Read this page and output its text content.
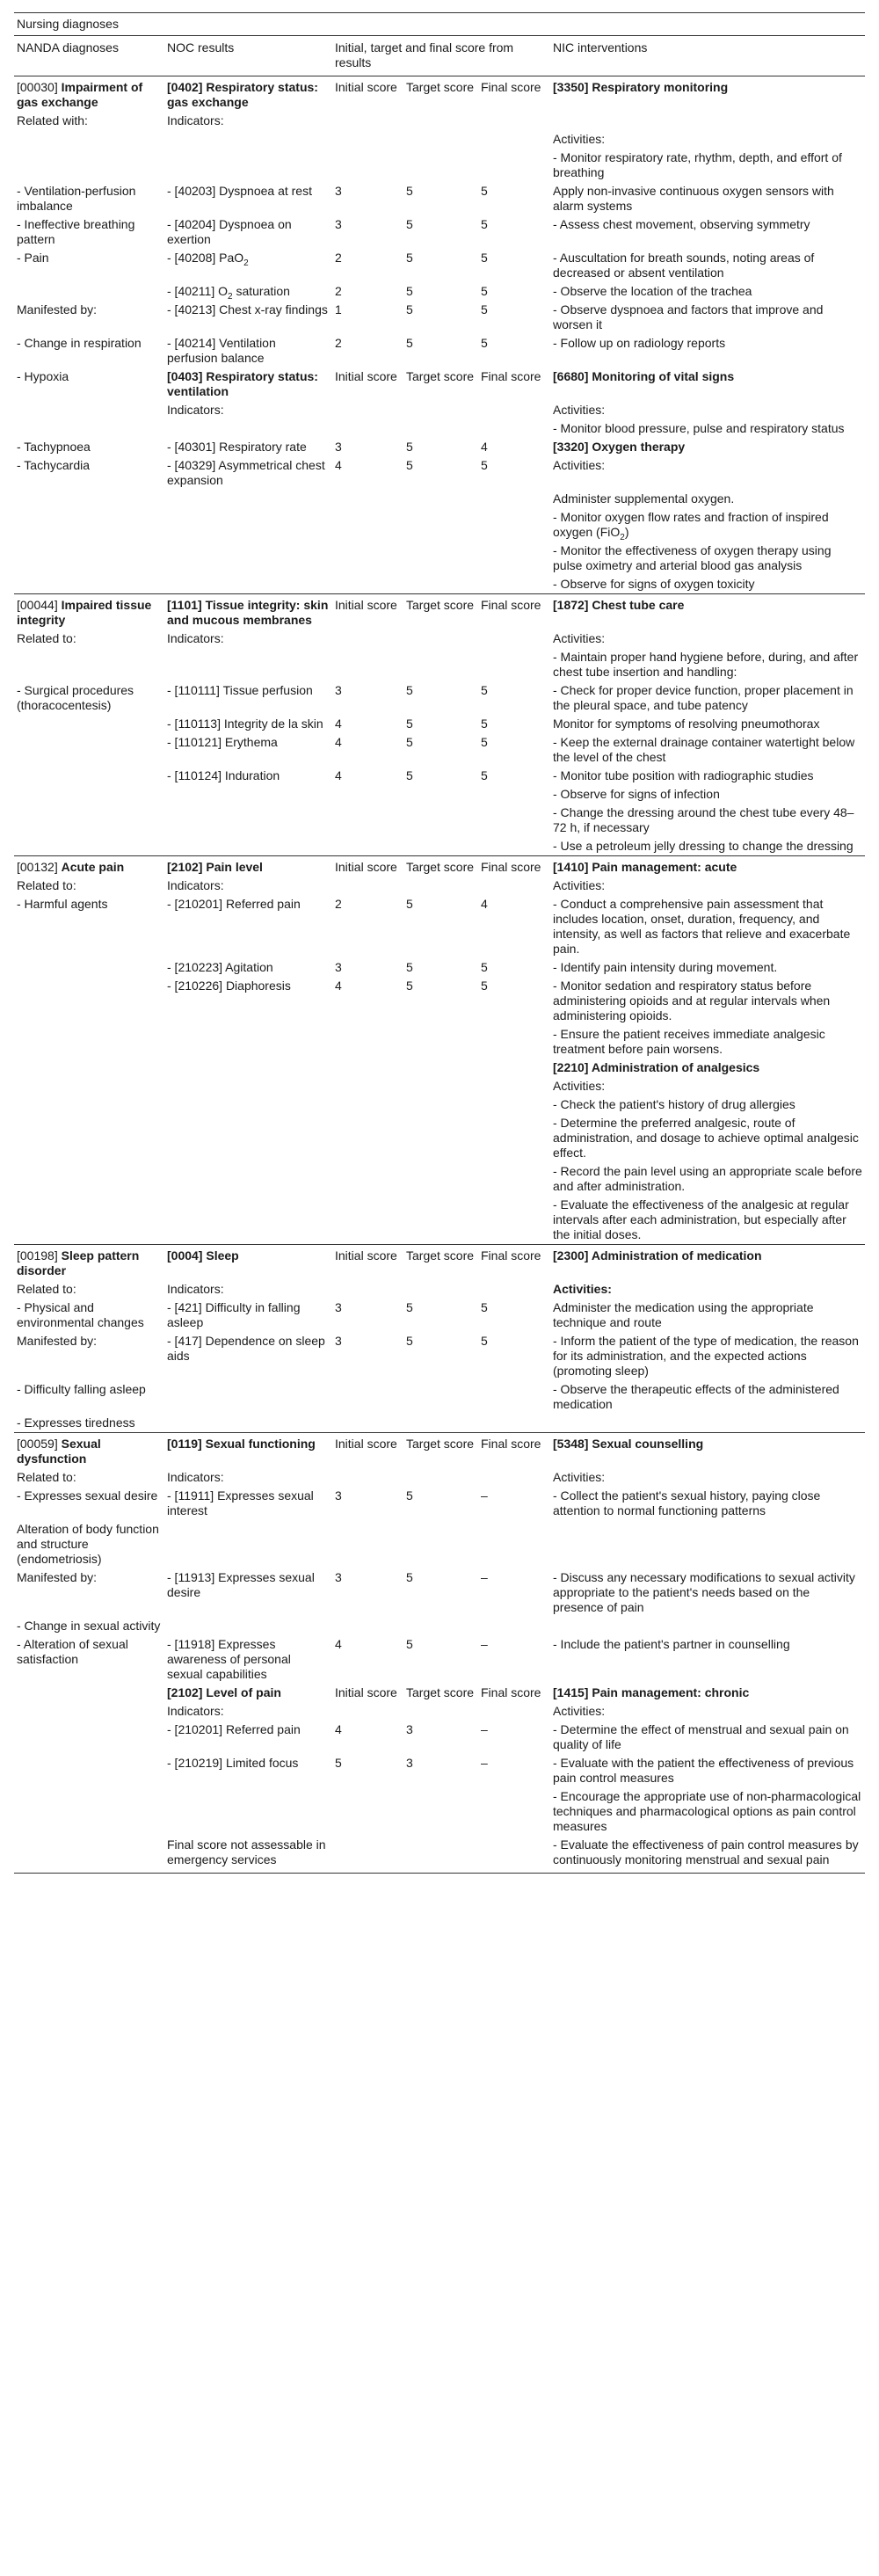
Nursing diagnoses					
NANDA diagnoses	NOC results	Initial, target and final score from results			NIC interventions
[00030] Impairment of gas exchange	[0402] Respiratory status: gas exchange	Initial score	Target score	Final score	[3350] Respiratory monitoring
Related with:	Indicators:				
					Activities:
					- Monitor respiratory rate, rhythm, depth, and effort of breathing
- Ventilation-perfusion imbalance	- [40203] Dyspnoea at rest	3	5	5	Apply non-invasive continuous oxygen sensors with alarm systems
- Ineffective breathing pattern	- [40204] Dyspnoea on exertion	3	5	5	- Assess chest movement, observing symmetry
- Pain	- [40208] PaO$_2$	2	5	5	- Auscultation for breath sounds, noting areas of decreased or absent ventilation
	- [40211] $O_2$ saturation	2	5	5	- Observe the location of the trachea
Manifested by:	- [40213] Chest x-ray findings	1	5	5	- Observe dyspnoea and factors that improve and worsen it
- Change in respiration	- [40214] Ventilation perfusion balance	2	5	5	- Follow up on radiology reports
- Hypoxia	[0403] Respiratory status: ventilation	Initial score	Target score	Final score	[6680] Monitoring of vital signs
	Indicators:				Activities:
					- Monitor blood pressure, pulse and respiratory status
- Tachypnoea	- [40301] Respiratory rate	3	5	4	[3320] Oxygen therapy
- Tachycardia	- [40329] Asymmetrical chest expansion	4	5	5	Activities:
					Administer supplemental oxygen.
					- Monitor oxygen flow rates and fraction of inspired oxygen (FiO$_2$)
					- Monitor the effectiveness of oxygen therapy using pulse oximetry and arterial blood gas analysis
					- Observe for signs of oxygen toxicity
[00044] Impaired tissue integrity	[1101] Tissue integrity: skin and mucous membranes	Initial score	Target score	Final score	[1872] Chest tube care
Related to:	Indicators:				Activities:
					- Maintain proper hand hygiene before, during, and after chest tube insertion and handling:
- Surgical procedures (thoracocentesis)	- [110111] Tissue perfusion	3	5	5	- Check for proper device function, proper placement in the pleural space, and tube patency
	- [110113] Integrity de la skin	4	5	5	Monitor for symptoms of resolving pneumothorax
	- [110121] Erythema	4	5	5	- Keep the external drainage container watertight below the level of the chest
	- [110124] Induration	4	5	5	- Monitor tube position with radiographic studies
					- Observe for signs of infection
					- Change the dressing around the chest tube every 48–72 h, if necessary
					- Use a petroleum jelly dressing to change the dressing
[00132] Acute pain	[2102] Pain level	Initial score	Target score	Final score	[1410] Pain management: acute
Related to:	Indicators:				Activities:
- Harmful agents	- [210201] Referred pain	2	5	4	- Conduct a comprehensive pain assessment that includes location, onset, duration, frequency, and intensity, as well as factors that relieve and exacerbate pain.
	- [210223] Agitation	3	5	5	- Identify pain intensity during movement.
	- [210226] Diaphoresis	4	5	5	- Monitor sedation and respiratory status before administering opioids and at regular intervals when administering opioids.
					- Ensure the patient receives immediate analgesic treatment before pain worsens.
					[2210] Administration of analgesics
					Activities:
					- Check the patient's history of drug allergies
					- Determine the preferred analgesic, route of administration, and dosage to achieve optimal analgesic effect.
					- Record the pain level using an appropriate scale before and after administration.
					- Evaluate the effectiveness of the analgesic at regular intervals after each administration, but especially after the initial doses.
[00198] Sleep pattern disorder	[0004] Sleep	Initial score	Target score	Final score	[2300] Administration of medication
Related to:	Indicators:				Activities:
- Physical and environmental changes	- [421] Difficulty in falling asleep	3	5	5	Administer the medication using the appropriate technique and route
Manifested by:	- [417] Dependence on sleep aids	3	5	5	- Inform the patient of the type of medication, the reason for its administration, and the expected actions (promoting sleep)
- Difficulty falling asleep					- Observe the therapeutic effects of the administered medication
- Expresses tiredness					
[00059] Sexual dysfunction	[0119] Sexual functioning	Initial score	Target score	Final score	[5348] Sexual counselling
Related to:	Indicators:				Activities:
- Expresses sexual desire	- [11911] Expresses sexual interest	3	5	–	- Collect the patient's sexual history, paying close attention to normal functioning patterns
Alteration of body function and structure (endometriosis)					
Manifested by:	- [11913] Expresses sexual desire	3	5	–	- Discuss any necessary modifications to sexual activity appropriate to the patient's needs based on the presence of pain
- Change in sexual activity					
- Alteration of sexual satisfaction	- [11918] Expresses awareness of personal sexual capabilities	4	5	–	- Include the patient's partner in counselling
	[2102] Level of pain	Initial score	Target score	Final score	[1415] Pain management: chronic
	Indicators:				Activities:
	- [210201] Referred pain	4	3	–	- Determine the effect of menstrual and sexual pain on quality of life
	- [210219] Limited focus	5	3	–	- Evaluate with the patient the effectiveness of previous pain control measures
					- Encourage the appropriate use of non-pharmacological techniques and pharmacological options as pain control measures
	Final score not assessable in emergency services				- Evaluate the effectiveness of pain control measures by continuously monitoring menstrual and sexual pain
